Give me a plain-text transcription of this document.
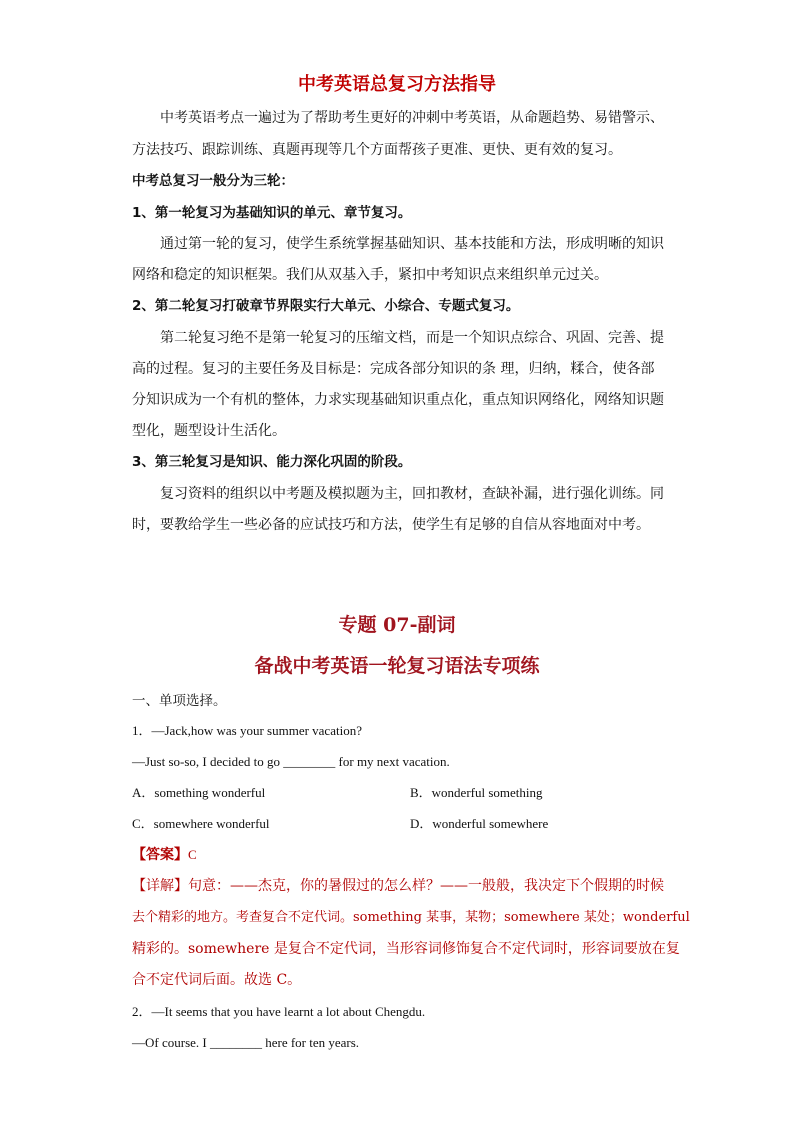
中考英语总复习方法指导
中考英语考点一遍过为了帮助考生更好的冲刺中考英语，从命题趋势、易错警示、
方法技巧、跟踪训练、真题再现等几个方面帮孩子更准、更快、更有效的复习。
中考总复习一般分为三轮：
1、第一轮复习为基础知识的单元、章节复习。
通过第一轮的复习，使学生系统掌握基础知识、基本技能和方法，形成明晰的知识
网络和稳定的知识框架。我们从双基入手，紧扣中考知识点来组织单元过关。
2、第二轮复习打破章节界限实行大单元、小综合、专题式复习。
第二轮复习绝不是第一轮复习的压缩文档，而是一个知识点综合、巩固、完善、提
高的过程。复习的主要任务及目标是：完成各部分知识的条 理，归纳，糅合，使各部
分知识成为一个有机的整体，力求实现基础知识重点化，重点知识网络化，网络知识题
型化，题型设计生活化。
3、第三轮复习是知识、能力深化巩固的阶段。
复习资料的组织以中考题及模拟题为主，回扣教材，查缺补漏，进行强化训练。同
时，要教给学生一些必备的应试技巧和方法，使学生有足够的自信从容地面对中考。
专题 07-副词
备战中考英语一轮复习语法专项练
一、单项选择。
1．—Jack,how was your summer vacation?
—Just so-so, I decided to go ________ for my next vacation.
A．something wonderful	B．wonderful something
C．somewhere wonderful	D．wonderful somewhere
【答案】C
【详解】句意：——杰克，你的暑假过的怎么样？——一般般，我决定下个假期的时候
去个精彩的地方。考查复合不定代词。something 某事，某物；somewhere 某处；wonderful
精彩的。somewhere 是复合不定代词，当形容词修饰复合不定代词时，形容词要放在复
合不定代词后面。故选 C。
2．—It seems that you have learnt a lot about Chengdu.
—Of course. I ________ here for ten years.
